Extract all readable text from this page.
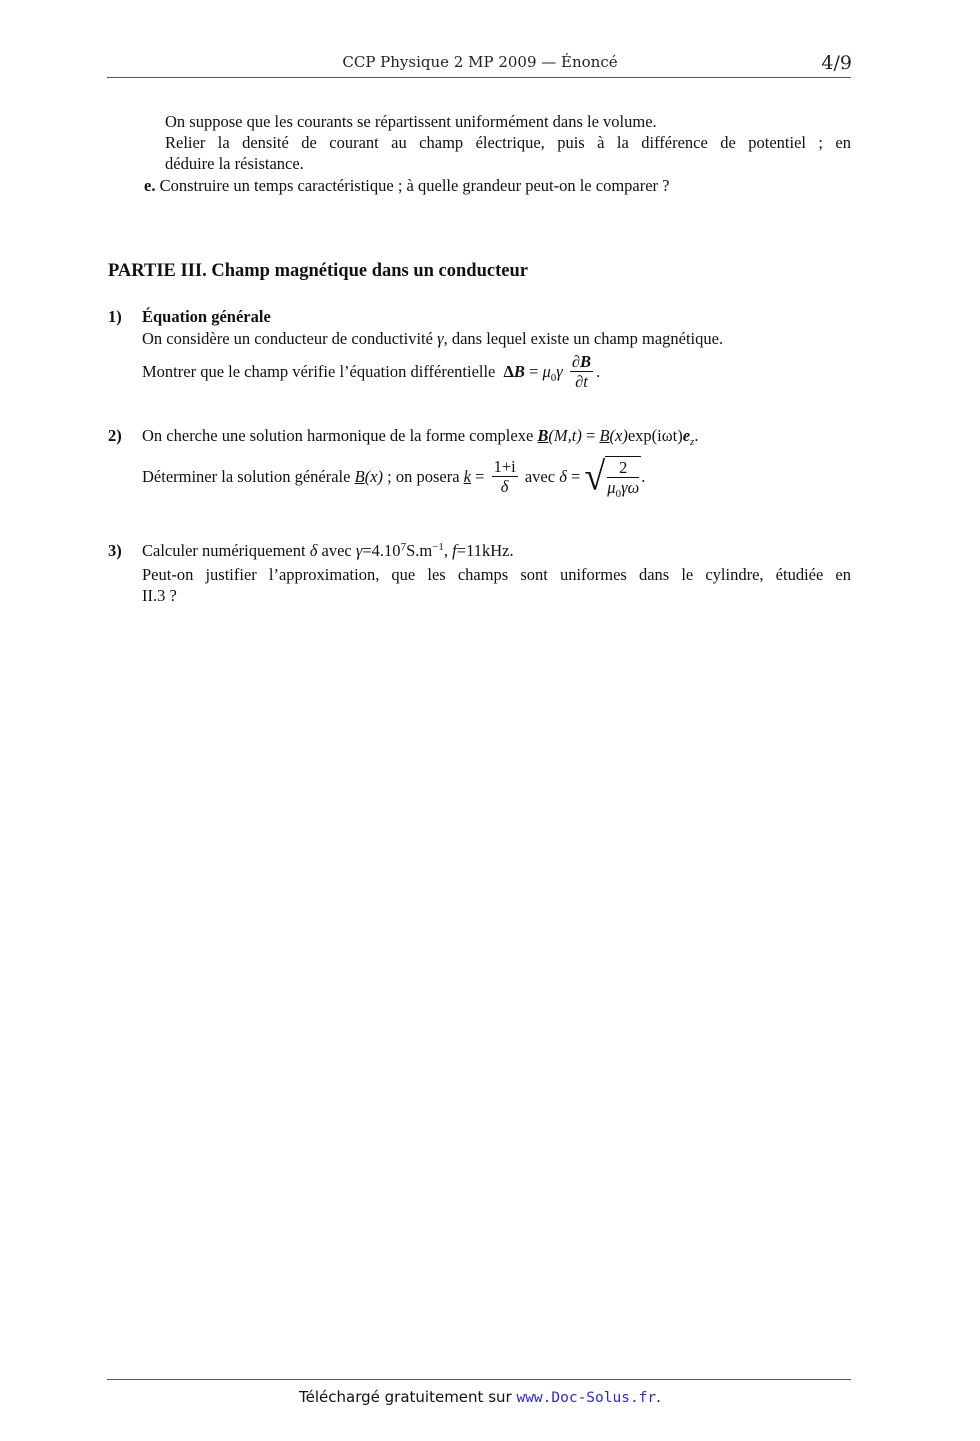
CCP Physique 2 MP 2009 — Énoncé	4/9
On suppose que les courants se répartissent uniformément dans le volume.
Relier la densité de courant au champ électrique, puis à la différence de potentiel ; en
déduire la résistance.
e. Construire un temps caractéristique ; à quelle grandeur peut-on le comparer ?
PARTIE III. Champ magnétique dans un conducteur
1) Équation générale
On considère un conducteur de conductivité γ, dans lequel existe un champ magnétique.
Montrer que le champ vérifie l’équation différentielle $\Delta B = \mu_0\gamma \frac{\partial B}{\partial t}$ .
2) On cherche une solution harmonique de la forme complexe $B(M,t) = B(x)\exp(i\omega t)e_z$.
Déterminer la solution générale B(x) ; on posera $k = \frac{1+i}{\delta}$ avec δ = √ $\frac{2}{\mu_0\gamma\omega}$ .
3) Calculer numériquement δ avec $\gamma=4.10^7S.m^{-1}$, f=11kHz.
Peut-on justifier l’approximation, que les champs sont uniformes dans le cylindre, étudiée en
II.3 ?
Téléchargé gratuitement sur www.Doc-Solus.fr.
